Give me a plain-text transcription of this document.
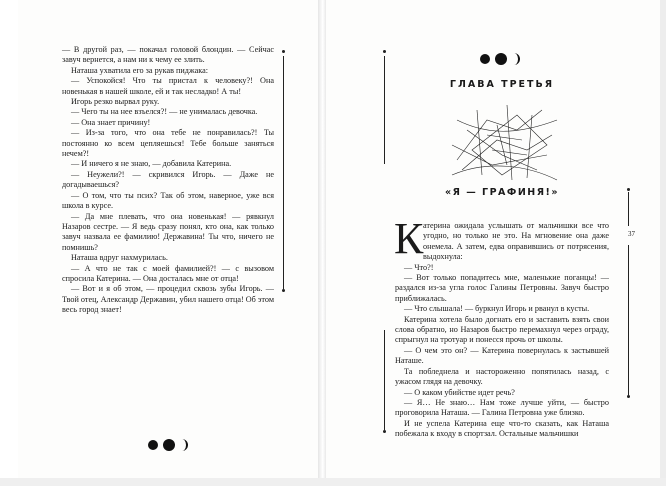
— В другой раз, — покачал головой блондин. — Сейчас завуч вернется, а нам ни к чему ее злить.

Наташа ухватила его за рукав пиджака:

— Успокойся! Что ты пристал к человеку?! Она новенькая в нашей школе, ей и так несладко! А ты!

Игорь резко вырвал руку.

— Чего ты на нее взъелся?! — не унималась девочка.

— Она знает причину!

— Из-за того, что она тебе не понравилась?! Ты постоянно ко всем цепляешься! Тебе больше заняться нечем?!

— И ничего я не знаю, — добавила Катерина.

— Неужели?! — скривился Игорь. — Даже не догадываешься?

— О том, что ты псих? Так об этом, наверное, уже вся школа в курсе.

— Да мне плевать, что она новенькая! — рявкнул Назаров сестре. — Я ведь сразу понял, кто она, как только завуч назвала ее фамилию! Державина! Ты что, ничего не помнишь?

Наташа вдруг нахмурилась.

— А что не так с моей фамилией?! — с вызовом спросила Катерина. — Она досталась мне от отца!

— Вот и я об этом, — процедил сквозь зубы Игорь. — Твой отец, Александр Державин, убил нашего отца! Об этом весь город знает!

ГЛАВА ТРЕТЬЯ
«Я — ГРАФИНЯ!»
37
К атерина ожидала услышать от мальчишки все что угодно, но только не это. На мгновение она даже онемела. А затем, едва оправившись от потрясения, выдохнула:

— Что?!

— Вот только попадитесь мне, маленькие поганцы! — раздался из-за угла голос Галины Петровны. Завуч быстро приближалась.

— Что слышала! — буркнул Игорь и рванул в кусты.

Катерина хотела было догнать его и заставить взять свои слова обратно, но Назаров быстро перемахнул через ограду, спрыгнул на тротуар и понесся прочь от школы.

— О чем это он? — Катерина повернулась к застывшей Наташе.

Та побледнела и настороженно попятилась назад, с ужасом глядя на девочку.

— О каком убийстве идет речь?

— Я… Не знаю… Нам тоже лучше уйти, — быстро проговорила Наташа. — Галина Петровна уже близко.

И не успела Катерина еще что-то сказать, как Наташа побежала к входу в спортзал. Остальные мальчишки
